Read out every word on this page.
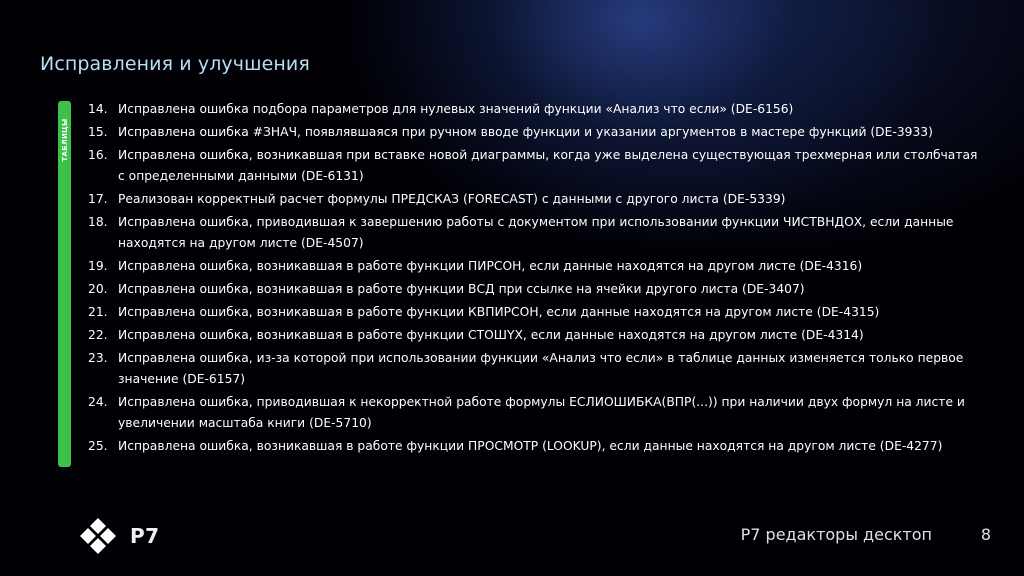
Исправления и улучшения
ТАБЛИЦЫ
14. Исправлена ошибка подбора параметров для нулевых значений функции «Анализ что если» (DE-6156)
15. Исправлена ошибка #ЗНАЧ, появлявшаяся при ручном вводе функции и указании аргументов в мастере функций (DE-3933)
16. Исправлена ошибка, возникавшая при вставке новой диаграммы, когда уже выделена существующая трехмерная или столбчатая с определенными данными (DE-6131)
17. Реализован корректный расчет формулы ПРЕДСКАЗ (FORECAST) с данными с другого листа (DE-5339)
18. Исправлена ошибка, приводившая к завершению работы с документом при использовании функции ЧИСТВНДОХ, если данные находятся на другом листе (DE-4507)
19. Исправлена ошибка, возникавшая в работе функции ПИРСОН, если данные находятся на другом листе (DE-4316)
20. Исправлена ошибка, возникавшая в работе функции ВСД при ссылке на ячейки другого листа (DE-3407)
21. Исправлена ошибка, возникавшая в работе функции КВПИРСОН, если данные находятся на другом листе (DE-4315)
22. Исправлена ошибка, возникавшая в работе функции СТОШYX, если данные находятся на другом листе (DE-4314)
23. Исправлена ошибка, из-за которой при использовании функции «Анализ что если» в таблице данных изменяется только первое значение (DE-6157)
24. Исправлена ошибка, приводившая к некорректной работе формулы ЕСЛИОШИБКА(ВПР(...)) при наличии двух формул на листе и увеличении масштаба книги (DE-5710)
25. Исправлена ошибка, возникавшая в работе функции ПРОСМОТР (LOOKUP), если данные находятся на другом листе (DE-4277)
P7	Р7 редакторы десктоп	8
